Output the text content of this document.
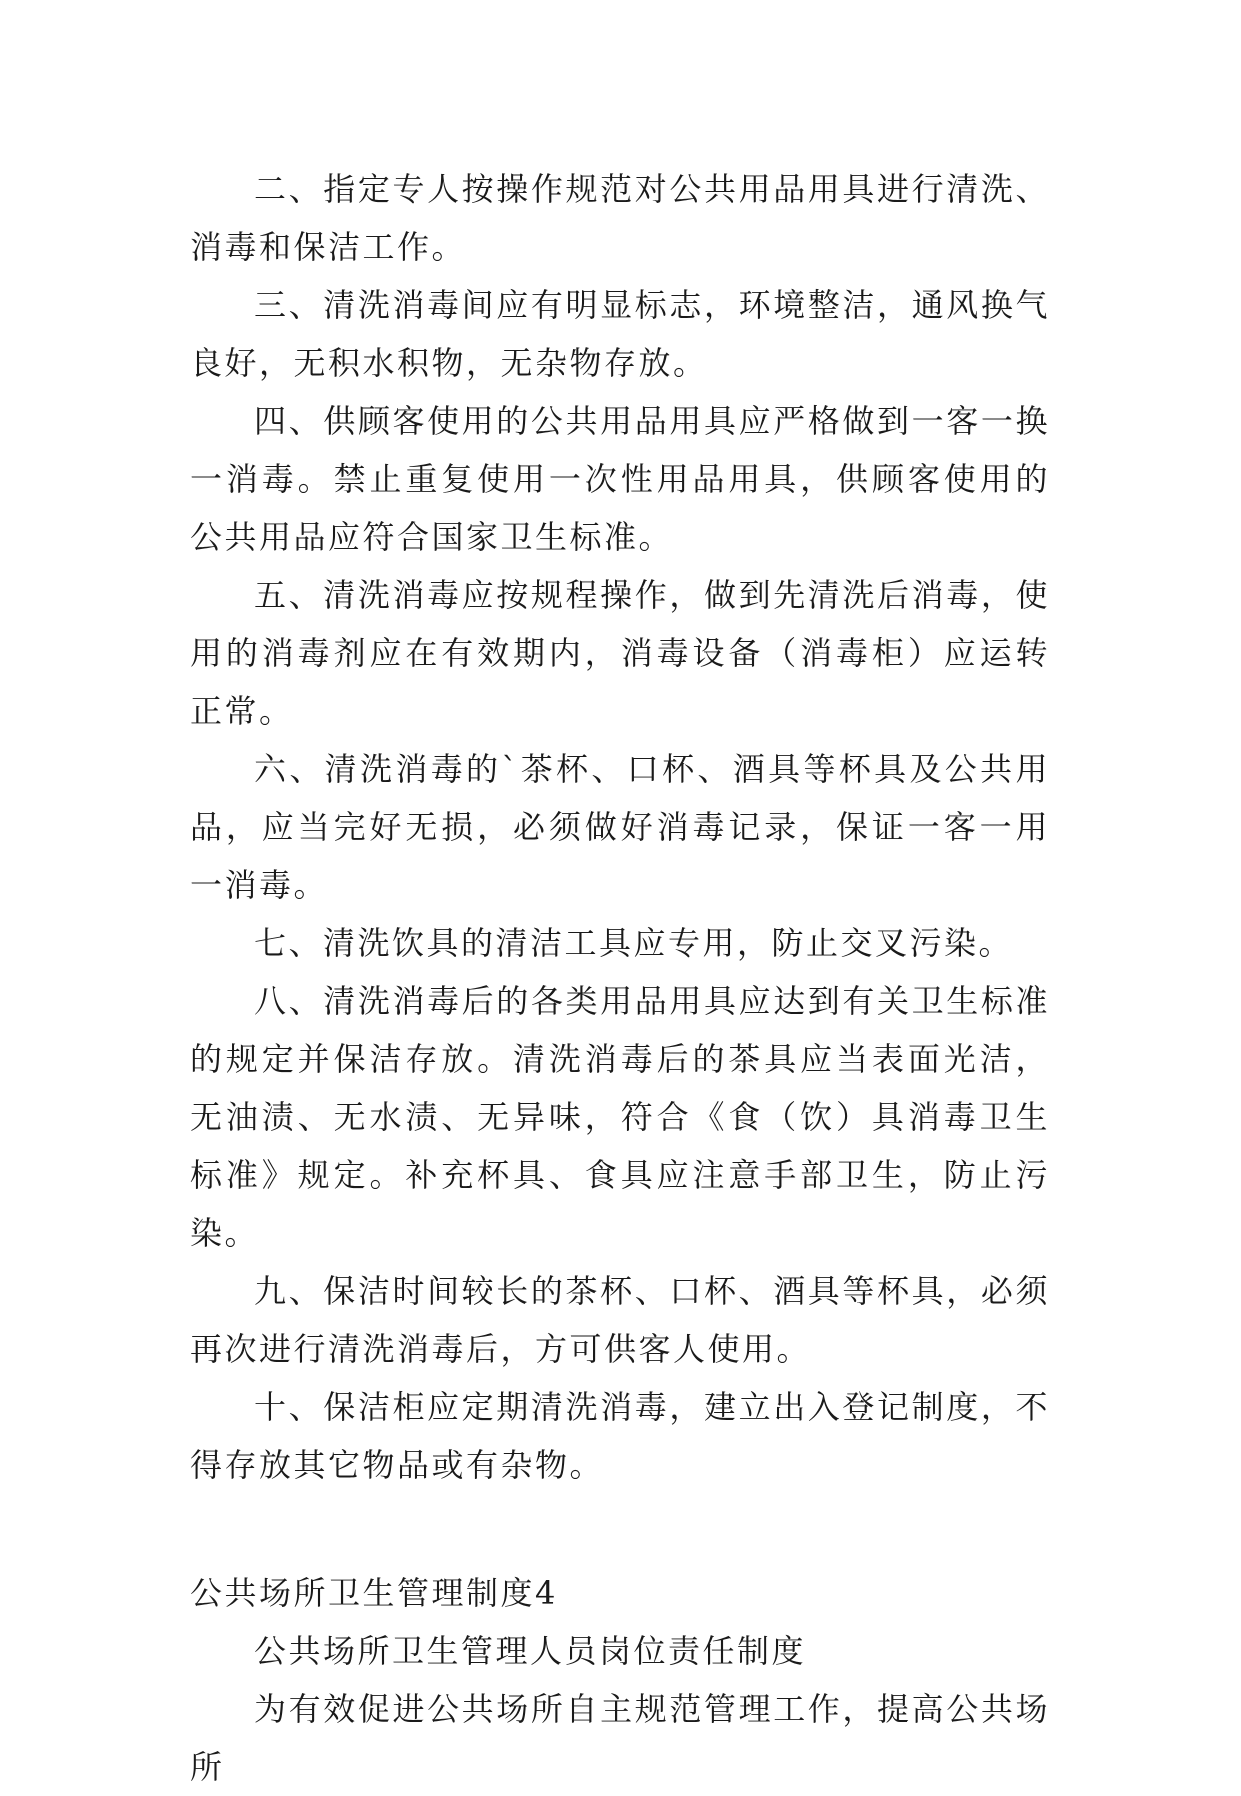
二、指定专人按操作规范对公共用品用具进行清洗、消毒和保洁工作。

三、清洗消毒间应有明显标志，环境整洁，通风换气良好，无积水积物，无杂物存放。

四、供顾客使用的公共用品用具应严格做到一客一换一消毒。禁止重复使用一次性用品用具，供顾客使用的公共用品应符合国家卫生标准。

五、清洗消毒应按规程操作，做到先清洗后消毒，使用的消毒剂应在有效期内，消毒设备（消毒柜）应运转正常。

六、清洗消毒的`茶杯、口杯、酒具等杯具及公共用品，应当完好无损，必须做好消毒记录，保证一客一用一消毒。

七、清洗饮具的清洁工具应专用，防止交叉污染。

八、清洗消毒后的各类用品用具应达到有关卫生标准的规定并保洁存放。清洗消毒后的茶具应当表面光洁，无油渍、无水渍、无异味，符合《食（饮）具消毒卫生标准》规定。补充杯具、食具应注意手部卫生，防止污染。

九、保洁时间较长的茶杯、口杯、酒具等杯具，必须再次进行清洗消毒后，方可供客人使用。

十、保洁柜应定期清洗消毒，建立出入登记制度，不得存放其它物品或有杂物。

公共场所卫生管理制度4

公共场所卫生管理人员岗位责任制度

为有效促进公共场所自主规范管理工作，提高公共场所
